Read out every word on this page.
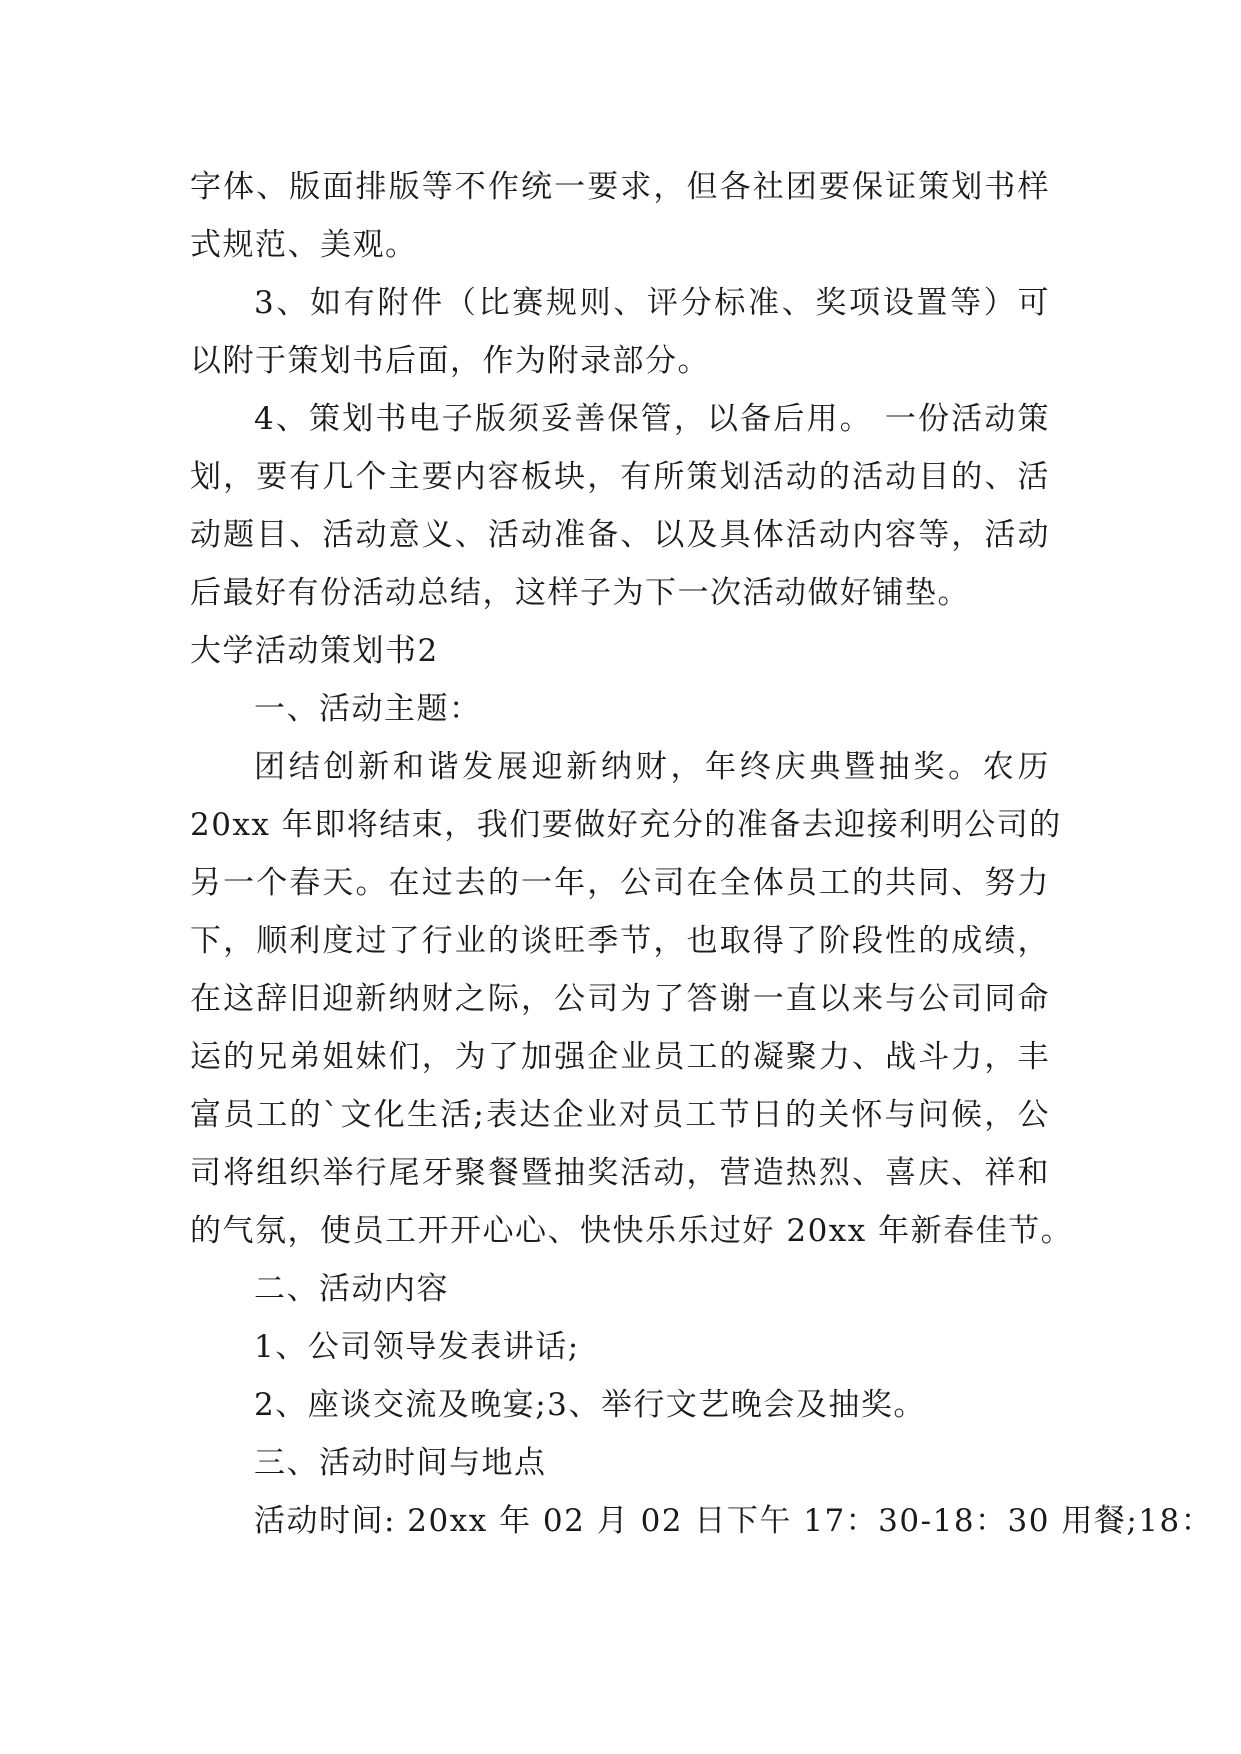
字体、版面排版等不作统一要求，但各社团要保证策划书样
式规范、美观。
3、如有附件（比赛规则、评分标准、奖项设置等）可
以附于策划书后面，作为附录部分。
4、策划书电子版须妥善保管，以备后用。 一份活动策
划，要有几个主要内容板块，有所策划活动的活动目的、活
动题目、活动意义、活动准备、以及具体活动内容等，活动
后最好有份活动总结，这样子为下一次活动做好铺垫。
大学活动策划书2
一、活动主题：
团结创新和谐发展迎新纳财，年终庆典暨抽奖。农历
20xx 年即将结束，我们要做好充分的准备去迎接利明公司的
另一个春天。在过去的一年，公司在全体员工的共同、努力
下，顺利度过了行业的谈旺季节，也取得了阶段性的成绩，
在这辞旧迎新纳财之际，公司为了答谢一直以来与公司同命
运的兄弟姐妹们，为了加强企业员工的凝聚力、战斗力，丰
富员工的`文化生活;表达企业对员工节日的关怀与问候，公
司将组织举行尾牙聚餐暨抽奖活动，营造热烈、喜庆、祥和
的气氛，使员工开开心心、快快乐乐过好 20xx 年新春佳节。
二、活动内容
1、公司领导发表讲话;
2、座谈交流及晚宴;3、举行文艺晚会及抽奖。
三、活动时间与地点
活动时间: 20xx 年 02 月 02 日下午 17：30-18：30 用餐;18：
